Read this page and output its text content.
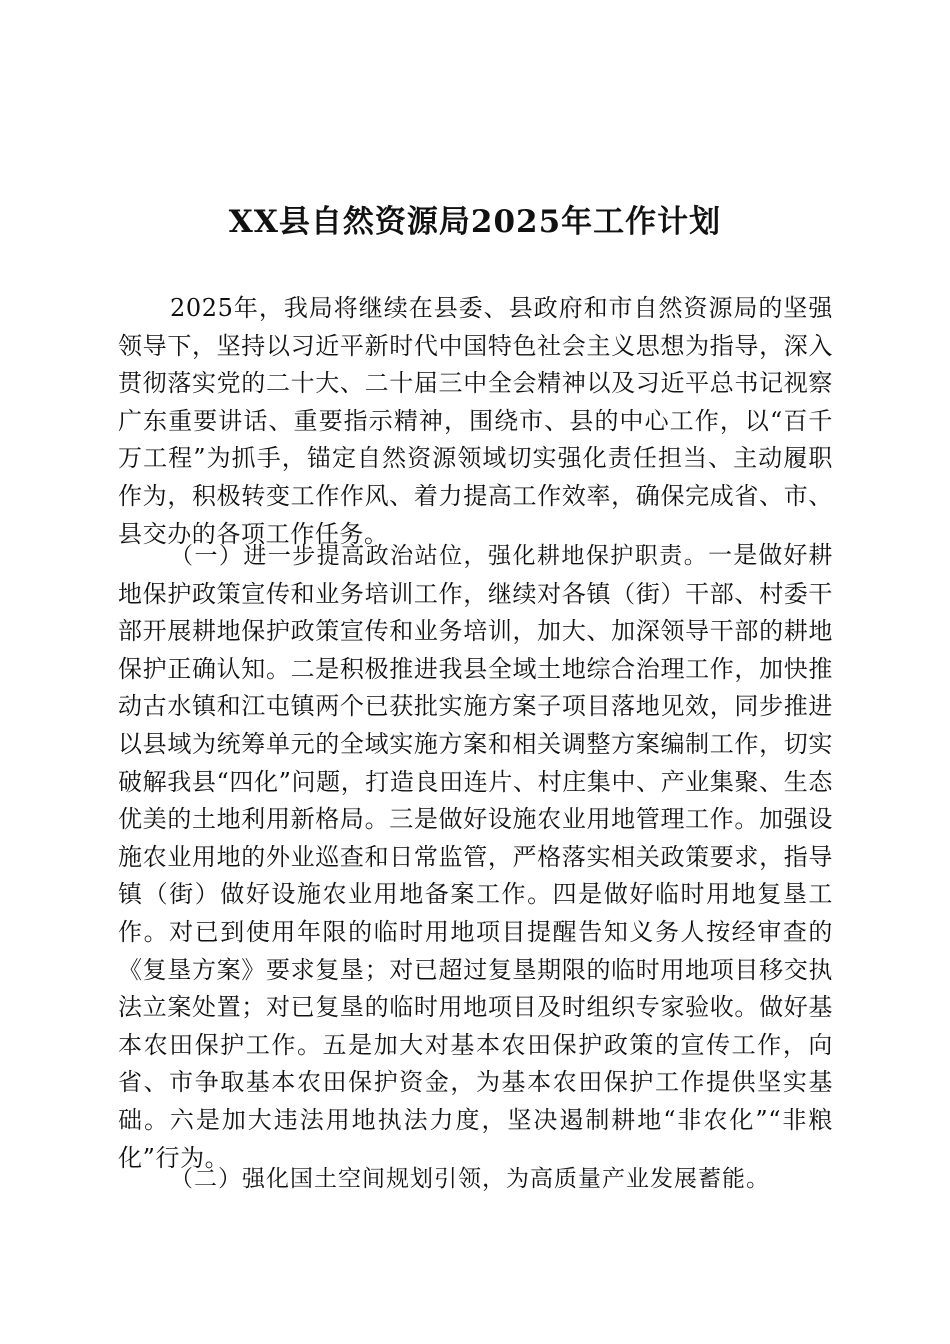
XX县自然资源局2025年工作计划

2025年，我局将继续在县委、县政府和市自然资源局的坚强领导下，坚持以习近平新时代中国特色社会主义思想为指导，深入贯彻落实党的二十大、二十届三中全会精神以及习近平总书记视察广东重要讲话、重要指示精神，围绕市、县的中心工作，以“百千万工程”为抓手，锚定自然资源领域切实强化责任担当、主动履职作为，积极转变工作作风、着力提高工作效率，确保完成省、市、县交办的各项工作任务。

（一）进一步提高政治站位，强化耕地保护职责。一是做好耕地保护政策宣传和业务培训工作，继续对各镇（街）干部、村委干部开展耕地保护政策宣传和业务培训，加大、加深领导干部的耕地保护正确认知。二是积极推进我县全域土地综合治理工作，加快推动古水镇和江屯镇两个已获批实施方案子项目落地见效，同步推进以县域为统筹单元的全域实施方案和相关调整方案编制工作，切实破解我县“四化”问题，打造良田连片、村庄集中、产业集聚、生态优美的土地利用新格局。三是做好设施农业用地管理工作。加强设施农业用地的外业巡查和日常监管，严格落实相关政策要求，指导镇（街）做好设施农业用地备案工作。四是做好临时用地复垦工作。对已到使用年限的临时用地项目提醒告知义务人按经审查的《复垦方案》要求复垦；对已超过复垦期限的临时用地项目移交执法立案处置；对已复垦的临时用地项目及时组织专家验收。做好基本农田保护工作。五是加大对基本农田保护政策的宣传工作，向省、市争取基本农田保护资金，为基本农田保护工作提供坚实基础。六是加大违法用地执法力度，坚决遏制耕地“非农化”“非粮化”行为。

（二）强化国土空间规划引领，为高质量产业发展蓄能。
